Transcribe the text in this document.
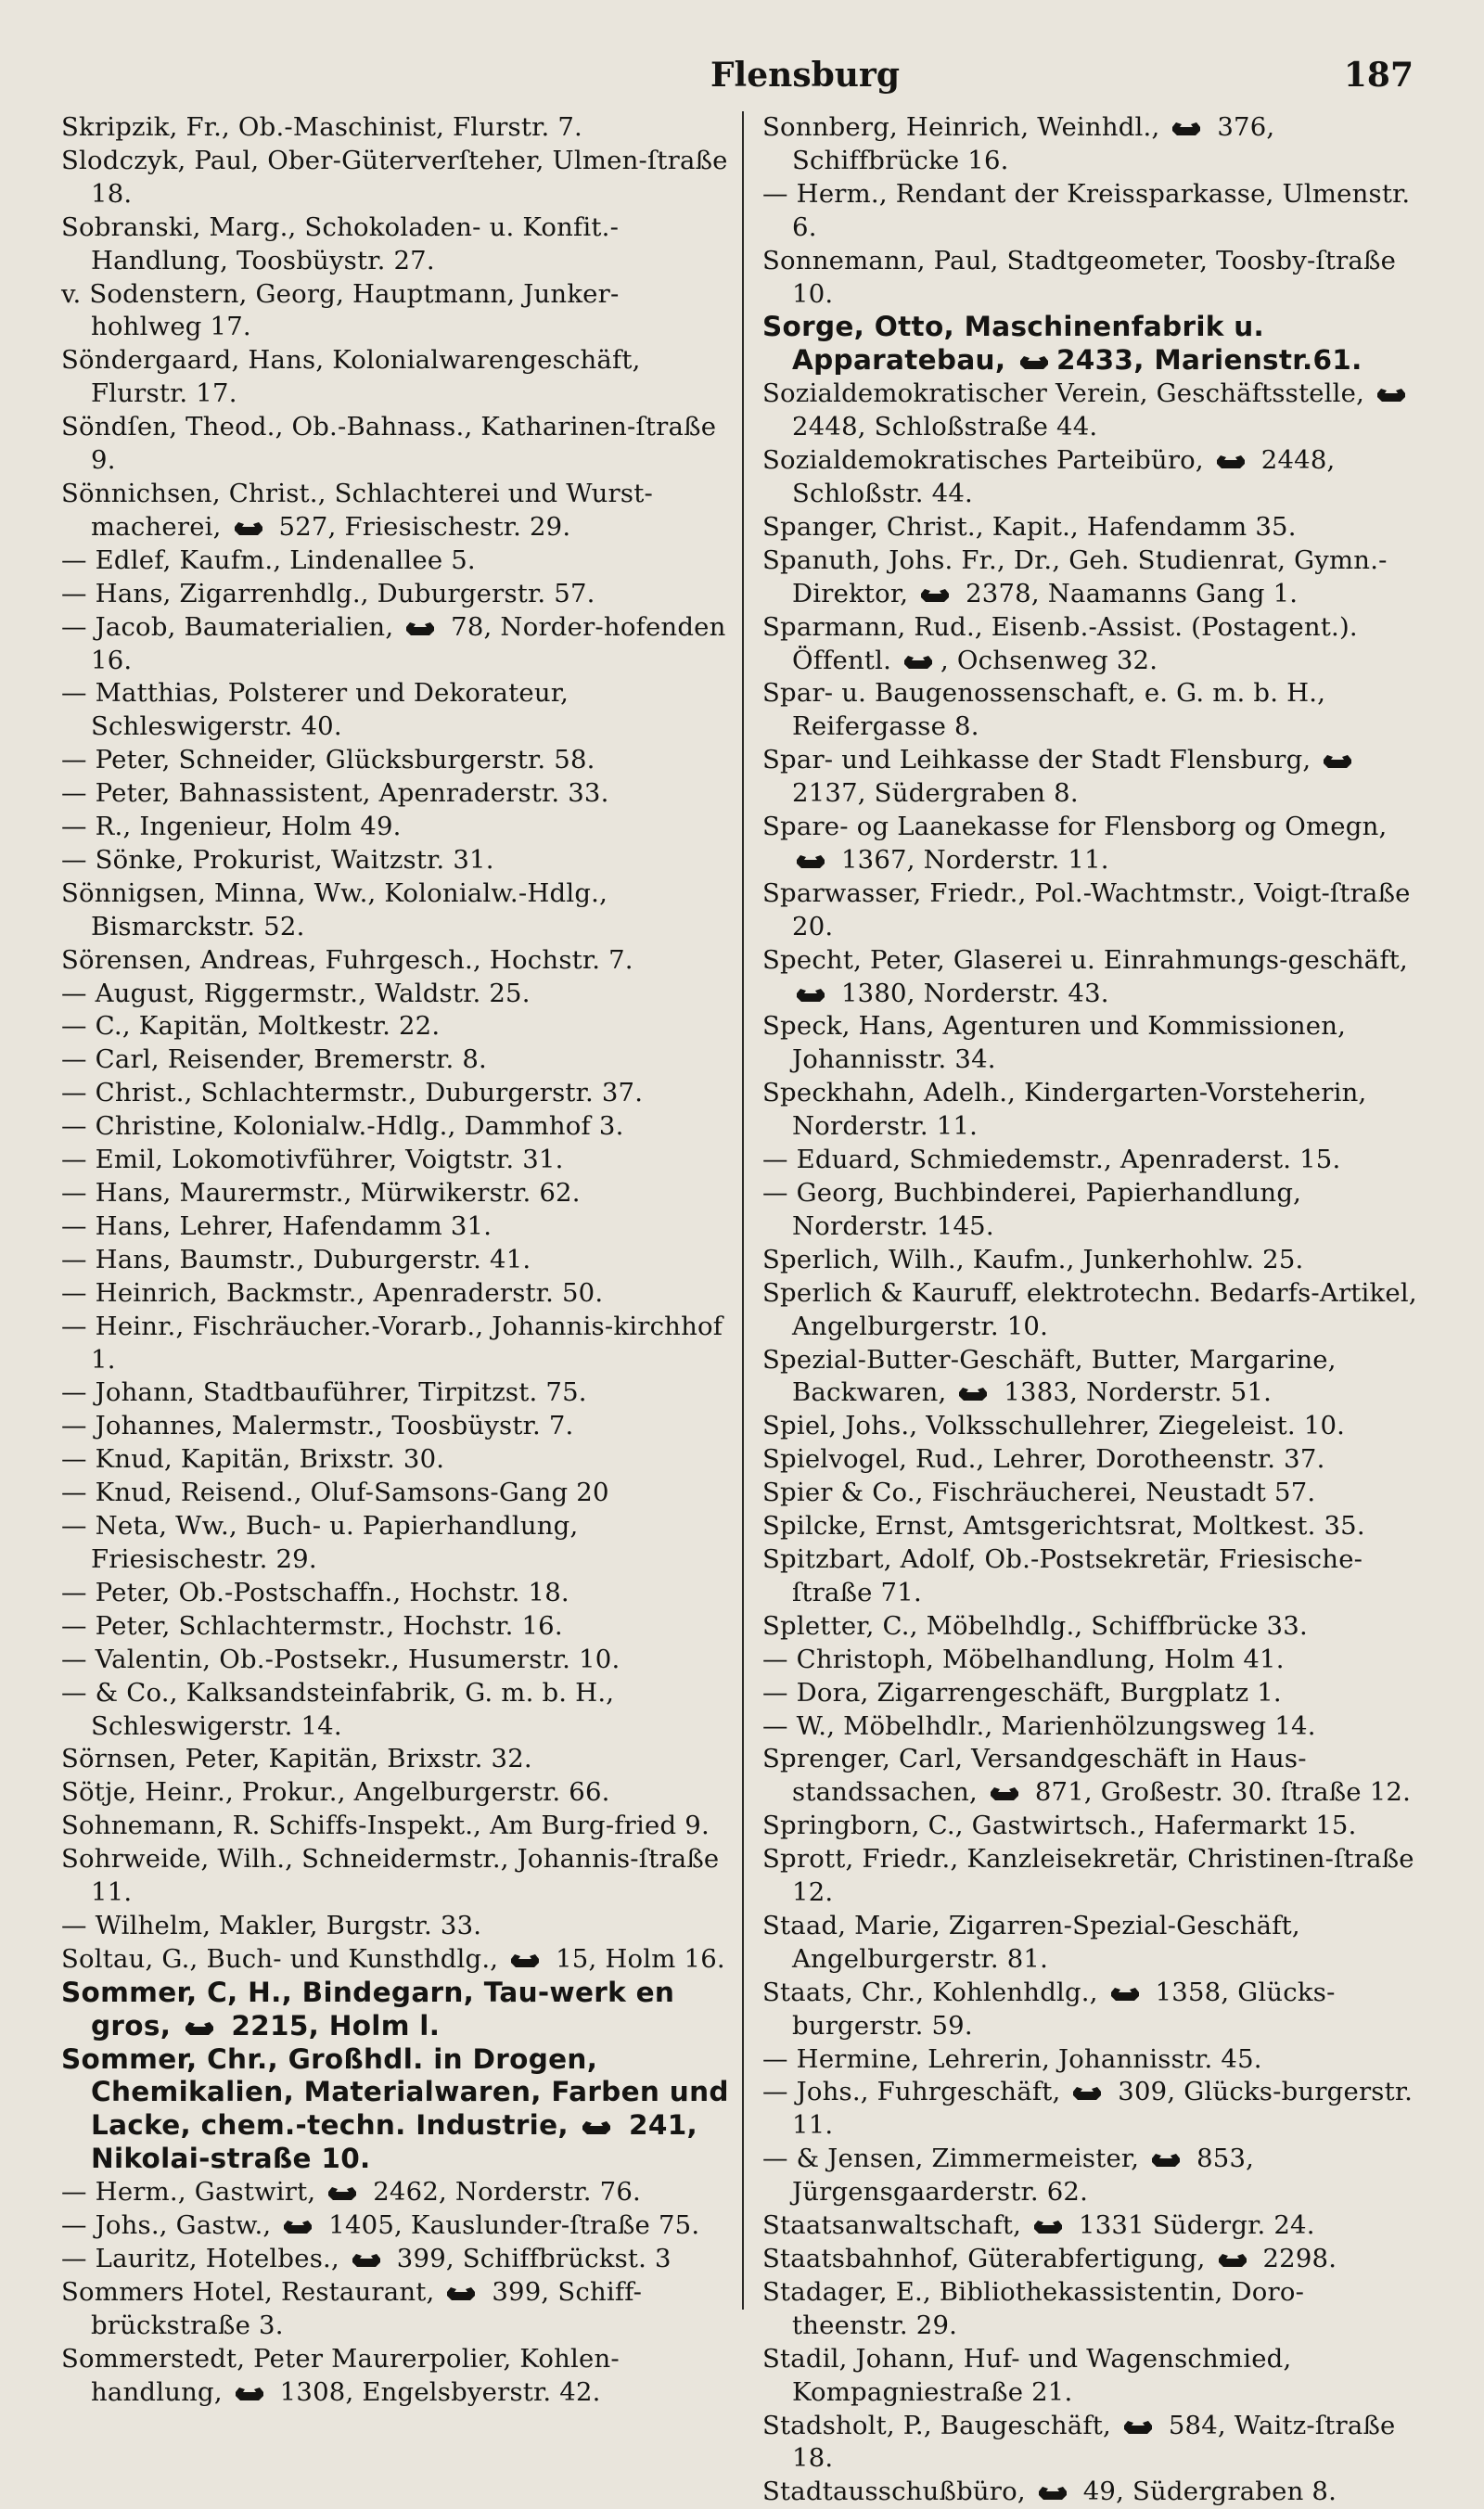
Flensburg	187
Skripzik, Fr., Ob.-Maschinist, Flurstr. 7.
Slodczyk, Paul, Ober-Güterverſteher, Ulmen-ſtraße 18.
Sobranski, Marg., Schokoladen- u. Konfit.-Handlung, Toosbüystr. 27.
v. Sodenstern, Georg, Hauptmann, Junker-hohlweg 17.
Söndergaard, Hans, Kolonialwarengeschäft, Flurstr. 17.
Söndſen, Theod., Ob.-Bahnass., Katharinen-ſtraße 9.
Sönnichsen, Christ., Schlachterei und Wurst-macherei,  527, Friesischestr. 29.
— Edlef, Kaufm., Lindenallee 5.
— Hans, Zigarrenhdlg., Duburgerstr. 57.
— Jacob, Baumaterialien,  78, Norder-hofenden 16.
— Matthias, Polsterer und Dekorateur, Schleswigerstr. 40.
— Peter, Schneider, Glücksburgerstr. 58.
— Peter, Bahnassistent, Apenraderstr. 33.
— R., Ingenieur, Holm 49.
— Sönke, Prokurist, Waitzstr. 31.
Sönnigsen, Minna, Ww., Kolonialw.-Hdlg., Bismarckstr. 52.
Sörensen, Andreas, Fuhrgesch., Hochstr. 7.
— August, Riggermstr., Waldstr. 25.
— C., Kapitän, Moltkestr. 22.
— Carl, Reisender, Bremerstr. 8.
— Christ., Schlachtermstr., Duburgerstr. 37.
— Christine, Kolonialw.-Hdlg., Dammhof 3.
— Emil, Lokomotivführer, Voigtstr. 31.
— Hans, Maurermstr., Mürwikerstr. 62.
— Hans, Lehrer, Hafendamm 31.
— Hans, Baumstr., Duburgerstr. 41.
— Heinrich, Backmstr., Apenraderstr. 50.
— Heinr., Fischräucher.-Vorarb., Johannis-kirchhof 1.
— Johann, Stadtbauführer, Tirpitzst. 75.
— Johannes, Malermstr., Toosbüystr. 7.
— Knud, Kapitän, Brixstr. 30.
— Knud, Reisend., Oluf-Samsons-Gang 20
— Neta, Ww., Buch- u. Papierhandlung, Friesischestr. 29.
— Peter, Ob.-Postschaffn., Hochstr. 18.
— Peter, Schlachtermstr., Hochstr. 16.
— Valentin, Ob.-Postsekr., Husumerstr. 10.
— & Co., Kalksandsteinfabrik, G. m. b. H., Schleswigerstr. 14.
Sörnsen, Peter, Kapitän, Brixstr. 32.
Sötje, Heinr., Prokur., Angelburgerstr. 66.
Sohnemann, R. Schiffs-Inspekt., Am Burg-fried 9.
Sohrweide, Wilh., Schneidermstr., Johannis-ſtraße 11.
— Wilhelm, Makler, Burgstr. 33.
Soltau, G., Buch- und Kunsthdlg.,  15, Holm 16.
Sommer, C, H., Bindegarn, Tau-werk en gros,  2215, Holm l.
Sommer, Chr., Großhdl. in Drogen, Chemikalien, Materialwaren, Farben und Lacke, chem.-techn. Industrie,  241, Nikolai-straße 10.
— Herm., Gastwirt,  2462, Norderstr. 76.
— Johs., Gastw.,  1405, Kauslunder-ſtraße 75.
— Lauritz, Hotelbes.,  399, Schiffbrückst. 3
Sommers Hotel, Restaurant,  399, Schiff-brückstraße 3.
Sommerstedt, Peter Maurerpolier, Kohlen-handlung,  1308, Engelsbyerstr. 42.
Sonnberg, Heinrich, Weinhdl.,  376, Schiffbrücke 16.
— Herm., Rendant der Kreissparkasse, Ulmenstr. 6.
Sonnemann, Paul, Stadtgeometer, Toosby-ſtraße 10.
Sorge, Otto, Maschinenfabrik u. Apparatebau, 2433, Marienstr.61.
Sozialdemokratischer Verein, Geschäftsstelle,  2448, Schloßstraße 44.
Sozialdemokratisches Parteibüro,  2448, Schloßstr. 44.
Spanger, Christ., Kapit., Hafendamm 35.
Spanuth, Johs. Fr., Dr., Geh. Studienrat, Gymn.-Direktor,  2378, Naamanns Gang 1.
Sparmann, Rud., Eisenb.-Assist. (Postagent.). Öffentl. , Ochsenweg 32.
Spar- u. Baugenossenschaft, e. G. m. b. H., Reifergasse 8.
Spar- und Leihkasse der Stadt Flensburg,  2137, Südergraben 8.
Spare- og Laanekasse for Flensborg og Omegn,  1367, Norderstr. 11.
Sparwasser, Friedr., Pol.-Wachtmstr., Voigt-ſtraße 20.
Specht, Peter, Glaserei u. Einrahmungs-geschäft,  1380, Norderstr. 43.
Speck, Hans, Agenturen und Kommissionen, Johannisstr. 34.
Speckhahn, Adelh., Kindergarten-Vorsteherin, Norderstr. 11.
— Eduard, Schmiedemstr., Apenraderst. 15.
— Georg, Buchbinderei, Papierhandlung, Norderstr. 145.
Sperlich, Wilh., Kaufm., Junkerhohlw. 25.
Sperlich & Kauruff, elektrotechn. Bedarfs-Artikel, Angelburgerstr. 10.
Spezial-Butter-Geschäft, Butter, Margarine, Backwaren,  1383, Norderstr. 51.
Spiel, Johs., Volksschullehrer, Ziegeleist. 10.
Spielvogel, Rud., Lehrer, Dorotheenstr. 37.
Spier & Co., Fischräucherei, Neustadt 57.
Spilcke, Ernst, Amtsgerichtsrat, Moltkest. 35.
Spitzbart, Adolf, Ob.-Postsekretär, Friesische-ſtraße 71.
Spletter, C., Möbelhdlg., Schiffbrücke 33.
— Christoph, Möbelhandlung, Holm 41.
— Dora, Zigarrengeschäft, Burgplatz 1.
— W., Möbelhdlr., Marienhölzungsweg 14.
Sprenger, Carl, Versandgeschäft in Haus-standssachen,  871, Großestr. 30. ſtraße 12.
Springborn, C., Gastwirtsch., Hafermarkt 15.
Sprott, Friedr., Kanzleisekretär, Christinen-ſtraße 12.
Staad, Marie, Zigarren-Spezial-Geschäft, Angelburgerstr. 81.
Staats, Chr., Kohlenhdlg.,  1358, Glücks-burgerstr. 59.
— Hermine, Lehrerin, Johannisstr. 45.
— Johs., Fuhrgeschäft,  309, Glücks-burgerstr. 11.
— & Jensen, Zimmermeister,  853, Jürgensgaarderstr. 62.
Staatsanwaltschaft,  1331 Südergr. 24.
Staatsbahnhof, Güterabfertigung,  2298.
Stadager, E., Bibliothekassistentin, Doro-theenstr. 29.
Stadil, Johann, Huf- und Wagenschmied, Kompagniestraße 21.
Stadsholt, P., Baugeschäft,  584, Waitz-ſtraße 18.
Stadtausschußbüro,  49, Südergraben 8.
